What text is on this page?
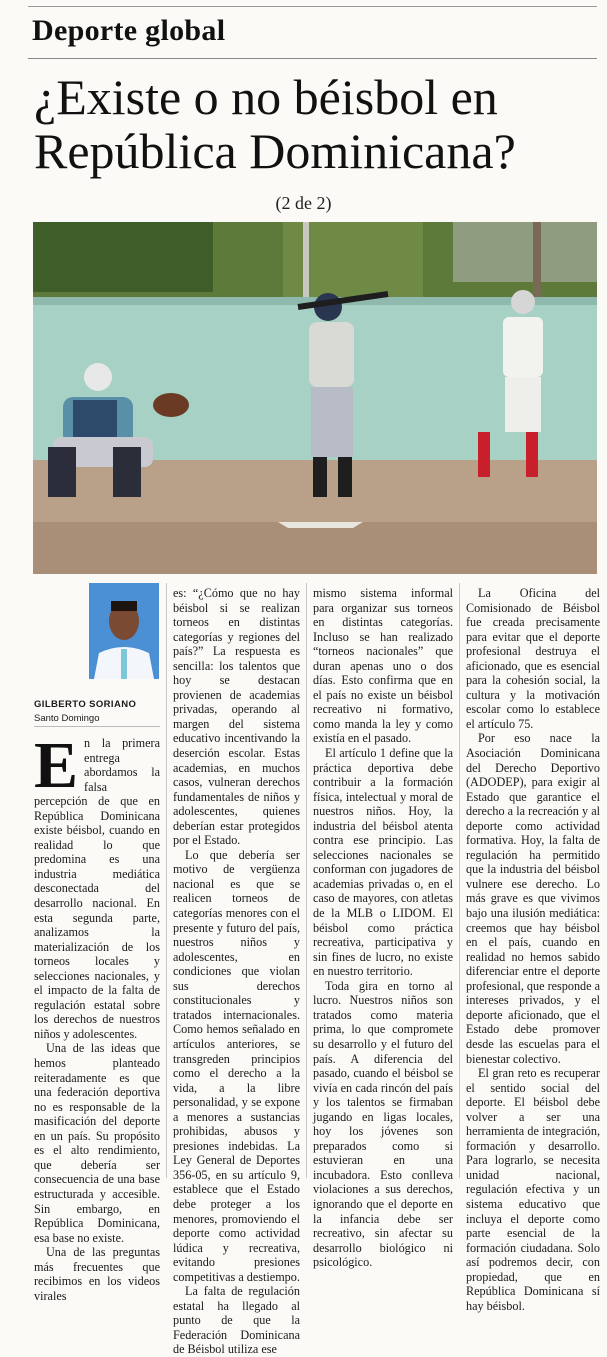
Deporte global
¿Existe o no béisbol en República Dominicana?
(2 de 2)
GILBERTO SORIANO
Santo Domingo

En la primera entrega abordamos la falsa percepción de que en República Dominicana existe béisbol, cuando en realidad lo que predomina es una industria mediática desconectada del desarrollo nacional. En esta segunda parte, analizamos la materialización de los torneos locales y selecciones nacionales, y el impacto de la falta de regulación estatal sobre los derechos de nuestros niños y adolescentes.

Una de las ideas que hemos planteado reiteradamente es que una federación deportiva no es responsable de la masificación del deporte en un país. Su propósito es el alto rendimiento, que debería ser consecuencia de una base estructurada y accesible. Sin embargo, en República Dominicana, esa base no existe.

Una de las preguntas más frecuentes que recibimos en los videos virales

es: “¿Cómo que no hay béisbol si se realizan torneos en distintas categorías y regiones del país?” La respuesta es sencilla: los talentos que hoy se destacan provienen de academias privadas, operando al margen del sistema educativo incentivando la deserción escolar. Estas academias, en muchos casos, vulneran derechos fundamentales de niños y adolescentes, quienes deberían estar protegidos por el Estado.

Lo que debería ser motivo de vergüenza nacional es que se realicen torneos de categorías menores con el presente y futuro del país, nuestros niños y adolescentes, en condiciones que violan sus derechos constitucionales y tratados internacionales. Como hemos señalado en artículos anteriores, se transgreden principios como el derecho a la vida, a la libre personalidad, y se expone a menores a sustancias prohibidas, abusos y presiones indebidas. La Ley General de Deportes 356-05, en su artículo 9, establece que el Estado debe proteger a los menores, promoviendo el deporte como actividad lúdica y recreativa, evitando presiones competitivas a destiempo.

La falta de regulación estatal ha llegado al punto de que la Federación Dominicana de Béisbol utiliza ese

mismo sistema informal para organizar sus torneos en distintas categorías. Incluso se han realizado “torneos nacionales” que duran apenas uno o dos días. Esto confirma que en el país no existe un béisbol recreativo ni formativo, como manda la ley y como existía en el pasado.

El artículo 1 define que la práctica deportiva debe contribuir a la formación física, intelectual y moral de nuestros niños. Hoy, la industria del béisbol atenta contra ese principio. Las selecciones nacionales se conforman con jugadores de academias privadas o, en el caso de mayores, con atletas de la MLB o LIDOM. El béisbol como práctica recreativa, participativa y sin fines de lucro, no existe en nuestro territorio.

Toda gira en torno al lucro. Nuestros niños son tratados como materia prima, lo que compromete su desarrollo y el futuro del país. A diferencia del pasado, cuando el béisbol se vivía en cada rincón del país y los talentos se firmaban jugando en ligas locales, hoy los jóvenes son preparados como si estuvieran en una incubadora. Esto conlleva violaciones a sus derechos, ignorando que el deporte en la infancia debe ser recreativo, sin afectar su desarrollo biológico ni psicológico.

La Oficina del Comisionado de Béisbol fue creada precisamente para evitar que el deporte profesional destruya el aficionado, que es esencial para la cohesión social, la cultura y la motivación escolar como lo establece el artículo 75.

Por eso nace la Asociación Dominicana del Derecho Deportivo (ADODEP), para exigir al Estado que garantice el derecho a la recreación y al deporte como actividad formativa. Hoy, la falta de regulación ha permitido que la industria del béisbol vulnere ese derecho. Lo más grave es que vivimos bajo una ilusión mediática: creemos que hay béisbol en el país, cuando en realidad no hemos sabido diferenciar entre el deporte profesional, que responde a intereses privados, y el deporte aficionado, que el Estado debe promover desde las escuelas para el bienestar colectivo.

El gran reto es recuperar el sentido social del deporte. El béisbol debe volver a ser una herramienta de integración, formación y desarrollo. Para lograrlo, se necesita unidad nacional, regulación efectiva y un sistema educativo que incluya el deporte como parte esencial de la formación ciudadana. Solo así podremos decir, con propiedad, que en República Dominicana sí hay béisbol.
